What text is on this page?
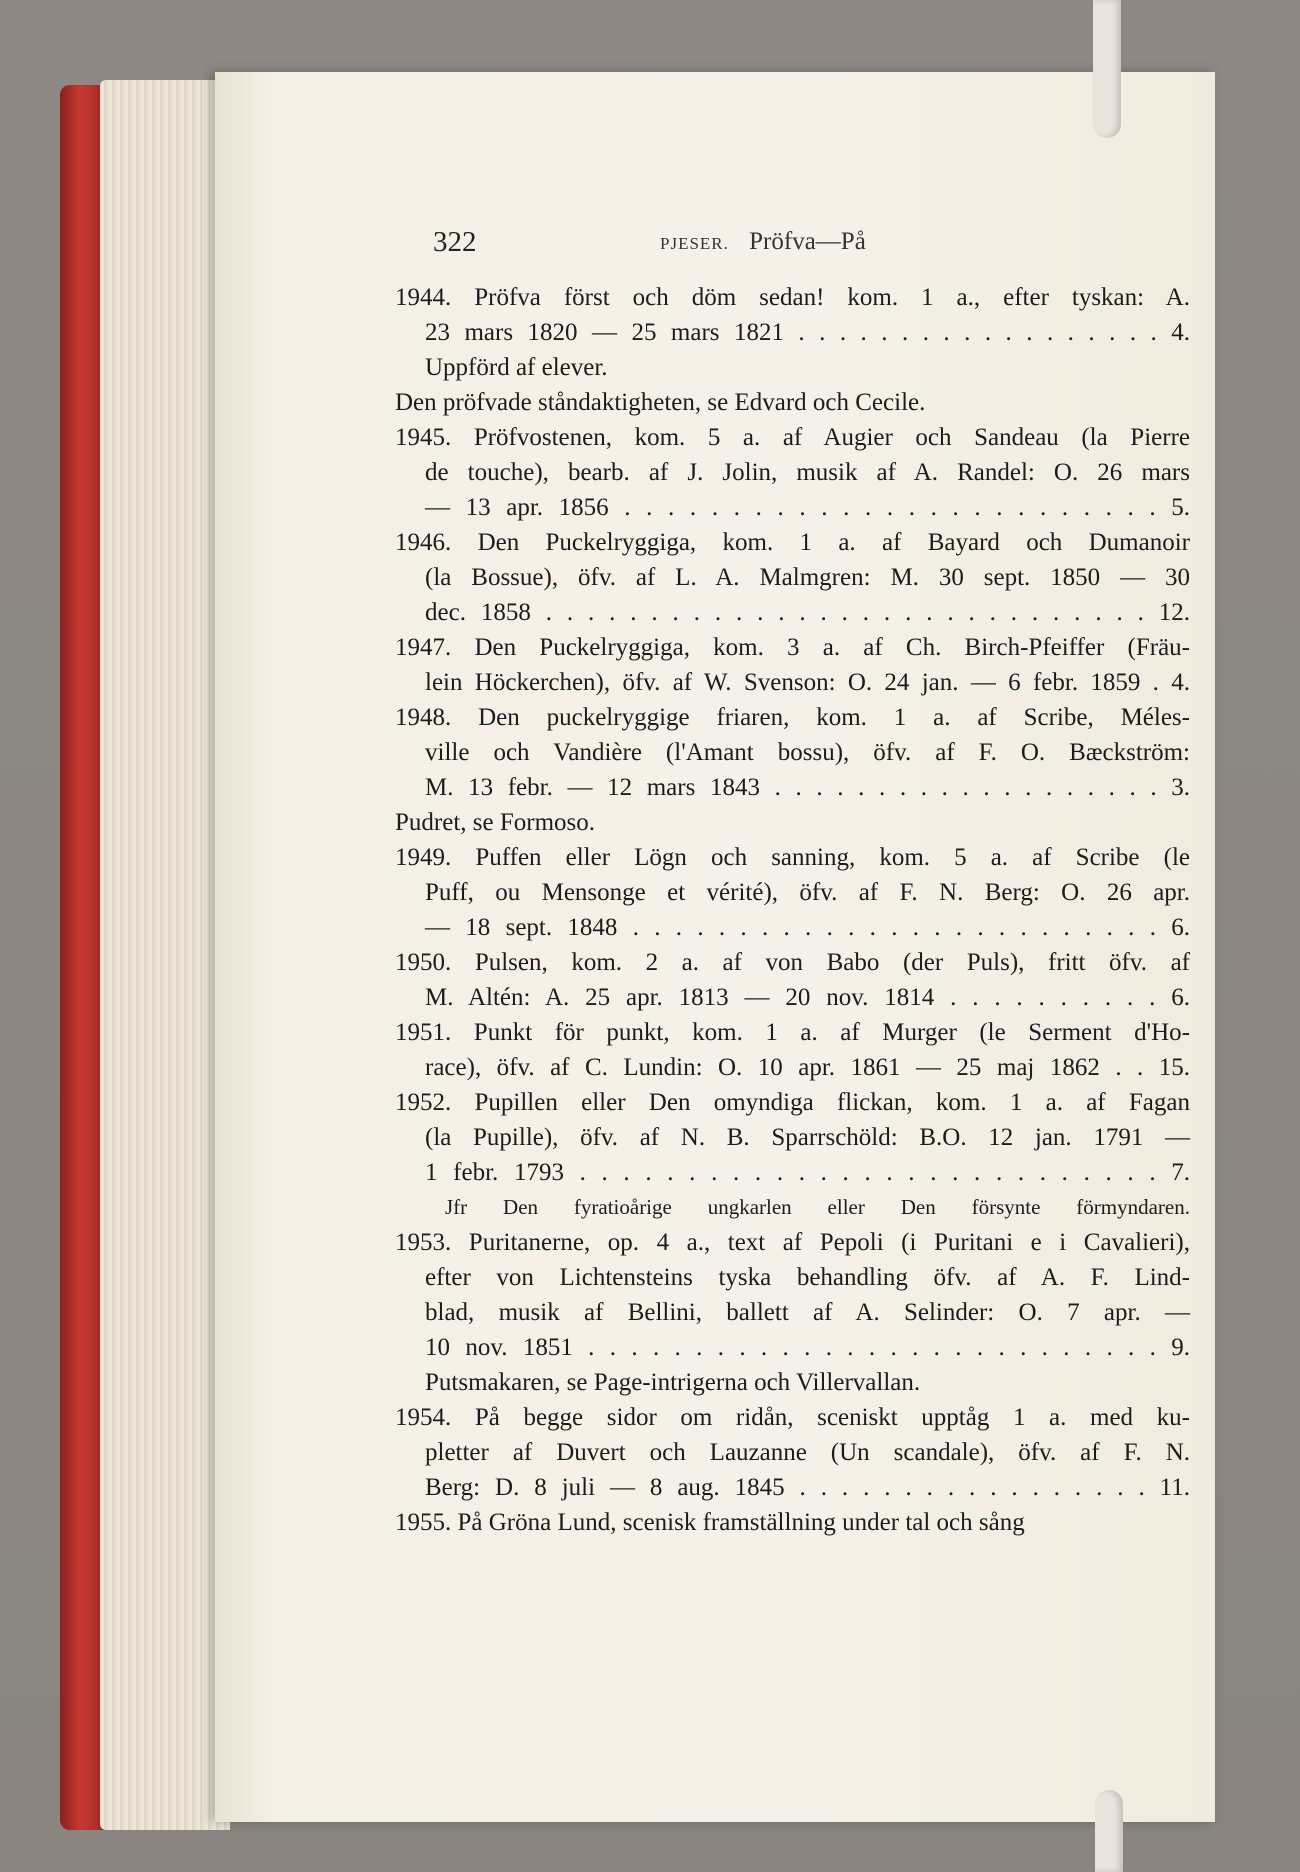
322	PJESER. Pröfva—På
1944. Pröfva först och döm sedan! kom. 1 a., efter tyskan: A.
23 mars 1820 — 25 mars 1821 . . . . . . . . . . . . . . . . . . 4.
Uppförd af elever.
Den pröfvade ståndaktigheten, se Edvard och Cecile.
1945. Pröfvostenen, kom. 5 a. af Augier och Sandeau (la Pierre
de touche), bearb. af J. Jolin, musik af A. Randel: O. 26 mars
— 13 apr. 1856 . . . . . . . . . . . . . . . . . . . . . . . . . 5.
1946. Den Puckelryggiga, kom. 1 a. af Bayard och Dumanoir
(la Bossue), öfv. af L. A. Malmgren: M. 30 sept. 1850 — 30
dec. 1858 . . . . . . . . . . . . . . . . . . . . . . . . . . . . . 12.
1947. Den Puckelryggiga, kom. 3 a. af Ch. Birch-Pfeiffer (Fräu-
lein Höckerchen), öfv. af W. Svenson: O. 24 jan. — 6 febr. 1859 . 4.
1948. Den puckelryggige friaren, kom. 1 a. af Scribe, Méles-
ville och Vandière (l'Amant bossu), öfv. af F. O. Bæckström:
M. 13 febr. — 12 mars 1843 . . . . . . . . . . . . . . . . . . . 3.
Pudret, se Formoso.
1949. Puffen eller Lögn och sanning, kom. 5 a. af Scribe (le
Puff, ou Mensonge et vérité), öfv. af F. N. Berg: O. 26 apr.
— 18 sept. 1848 . . . . . . . . . . . . . . . . . . . . . . . . . 6.
1950. Pulsen, kom. 2 a. af von Babo (der Puls), fritt öfv. af
M. Altén: A. 25 apr. 1813 — 20 nov. 1814 . . . . . . . . . . 6.
1951. Punkt för punkt, kom. 1 a. af Murger (le Serment d'Ho-
race), öfv. af C. Lundin: O. 10 apr. 1861 — 25 maj 1862 . . 15.
1952. Pupillen eller Den omyndiga flickan, kom. 1 a. af Fagan
(la Pupille), öfv. af N. B. Sparrschöld: B.O. 12 jan. 1791 —
1 febr. 1793 . . . . . . . . . . . . . . . . . . . . . . . . . . . 7.
Jfr Den fyratioårige ungkarlen eller Den försynte förmyndaren.
1953. Puritanerne, op. 4 a., text af Pepoli (i Puritani e i Cavalieri),
efter von Lichtensteins tyska behandling öfv. af A. F. Lind-
blad, musik af Bellini, ballett af A. Selinder: O. 7 apr. —
10 nov. 1851 . . . . . . . . . . . . . . . . . . . . . . . . . . . 9.
Putsmakaren, se Page-intrigerna och Villervallan.
1954. På begge sidor om ridån, sceniskt upptåg 1 a. med ku-
pletter af Duvert och Lauzanne (Un scandale), öfv. af F. N.
Berg: D. 8 juli — 8 aug. 1845 . . . . . . . . . . . . . . . . . 11.
1955. På Gröna Lund, scenisk framställning under tal och sång
